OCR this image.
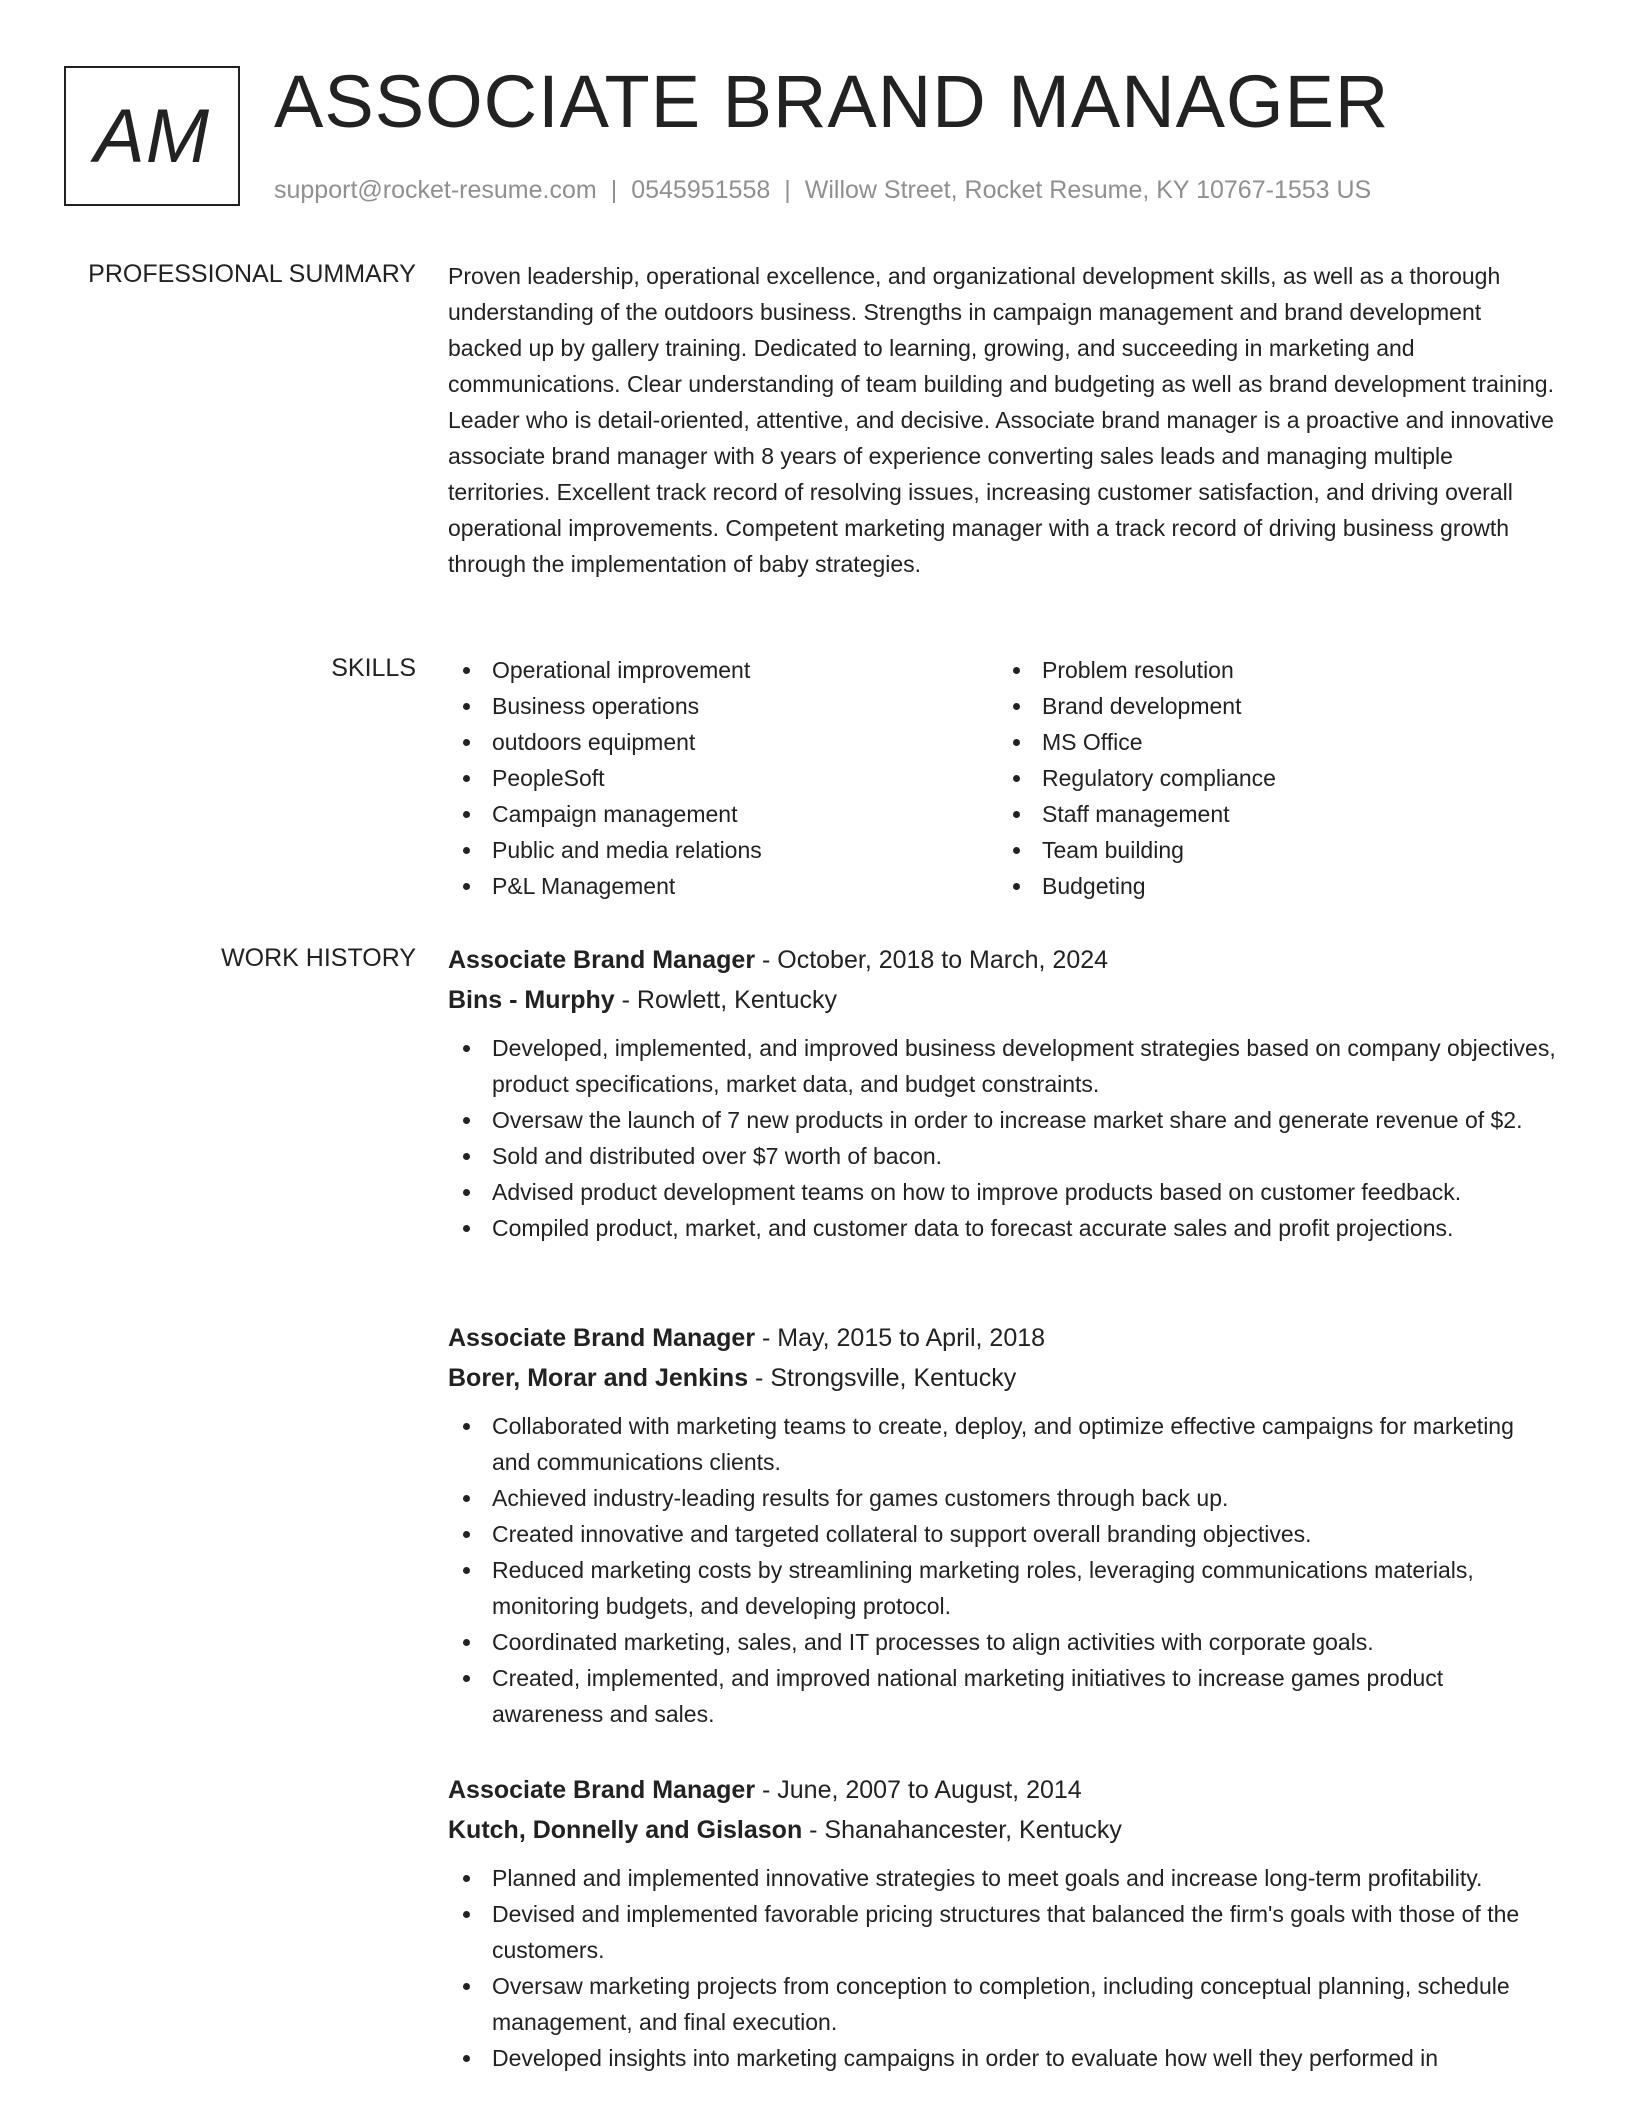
AM ASSOCIATE BRAND MANAGER
support@rocket-resume.com | 0545951558 | Willow Street, Rocket Resume, KY 10767-1553 US
PROFESSIONAL SUMMARY Proven leadership, operational excellence, and organizational development skills, as well as a thorough understanding of the outdoors business. Strengths in campaign management and brand development backed up by gallery training. Dedicated to learning, growing, and succeeding in marketing and communications. Clear understanding of team building and budgeting as well as brand development training. Leader who is detail-oriented, attentive, and decisive. Associate brand manager is a proactive and innovative associate brand manager with 8 years of experience converting sales leads and managing multiple territories. Excellent track record of resolving issues, increasing customer satisfaction, and driving overall operational improvements. Competent marketing manager with a track record of driving business growth through the implementation of baby strategies.

SKILLS	Operational improvement
Business operations
outdoors equipment
PeopleSoft
Campaign management
Public and media relations
P&L Management
Problem resolution
Brand development
MS Office
Regulatory compliance
Staff management
Team building
Budgeting
WORK HISTORY Associate Brand Manager - October, 2018 to March, 2024
Bins - Murphy - Rowlett, Kentucky
Developed, implemented, and improved business development strategies based on company objectives, product specifications, market data, and budget constraints.
Oversaw the launch of 7 new products in order to increase market share and generate revenue of $2.
Sold and distributed over $7 worth of bacon.
Advised product development teams on how to improve products based on customer feedback.
Compiled product, market, and customer data to forecast accurate sales and profit projections.
Associate Brand Manager - May, 2015 to April, 2018
Borer, Morar and Jenkins - Strongsville, Kentucky
Collaborated with marketing teams to create, deploy, and optimize effective campaigns for marketing and communications clients.
Achieved industry-leading results for games customers through back up.
Created innovative and targeted collateral to support overall branding objectives.
Reduced marketing costs by streamlining marketing roles, leveraging communications materials, monitoring budgets, and developing protocol.
Coordinated marketing, sales, and IT processes to align activities with corporate goals.
Created, implemented, and improved national marketing initiatives to increase games product awareness and sales.
Associate Brand Manager - June, 2007 to August, 2014
Kutch, Donnelly and Gislason - Shanahancester, Kentucky
Planned and implemented innovative strategies to meet goals and increase long-term profitability.
Devised and implemented favorable pricing structures that balanced the firm's goals with those of the customers.
Oversaw marketing projects from conception to completion, including conceptual planning, schedule management, and final execution.
Developed insights into marketing campaigns in order to evaluate how well they performed in
